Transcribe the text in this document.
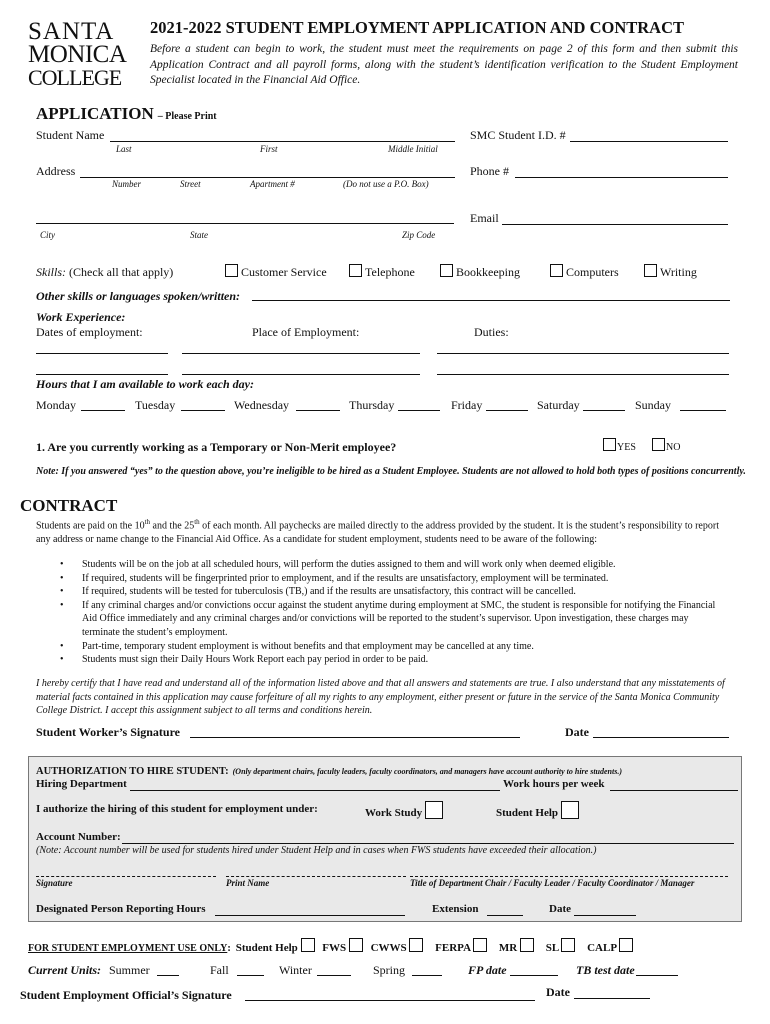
SANTA
MONICA
COLLEGE
2021-2022 STUDENT EMPLOYMENT APPLICATION AND CONTRACT
Before a student can begin to work, the student must meet the requirements on page 2 of this form and then submit this Application Contract and all payroll forms, along with the student’s identification verification to the Student Employment Specialist located in the Financial Aid Office.
APPLICATION – Please Print
Student Name
Last	First	Middle Initial
SMC Student I.D. #
Address
Number	Street	Apartment #	(Do not use a P.O. Box)
Phone #
City	State	Zip Code
Email
Skills: (Check all that apply)	Customer Service	Telephone	Bookkeeping	Computers	Writing
Other skills or languages spoken/written:
Work Experience:
Dates of employment:	Place of Employment:	Duties:
Hours that I am available to work each day:
Monday	Tuesday	Wednesday	Thursday	Friday	Saturday	Sunday
1. Are you currently working as a Temporary or Non-Merit employee?	YES	NO
Note: If you answered “yes” to the question above, you’re ineligible to be hired as a Student Employee. Students are not allowed to hold both types of positions concurrently.
CONTRACT
Students are paid on the 10th and the 25th of each month. All paychecks are mailed directly to the address provided by the student. It is the student’s responsibility to report any address or name change to the Financial Aid Office. As a candidate for student employment, students need to be aware of the following:
• Students will be on the job at all scheduled hours, will perform the duties assigned to them and will work only when deemed eligible.
• If required, students will be fingerprinted prior to employment, and if the results are unsatisfactory, employment will be terminated.
• If required, students will be tested for tuberculosis (TB,) and if the results are unsatisfactory, this contract will be cancelled.
• If any criminal charges and/or convictions occur against the student anytime during employment at SMC, the student is responsible for notifying the Financial Aid Office immediately and any criminal charges and/or convictions will be reported to the student’s supervisor. Upon investigation, these charges may terminate the student’s employment.
• Part-time, temporary student employment is without benefits and that employment may be cancelled at any time.
• Students must sign their Daily Hours Work Report each pay period in order to be paid.
I hereby certify that I have read and understand all of the information listed above and that all answers and statements are true. I also understand that any misstatements of material facts contained in this application may cause forfeiture of all my rights to any employment, either present or future in the service of the Santa Monica Community College District. I accept this assignment subject to all terms and conditions herein.
Student Worker’s Signature	Date
AUTHORIZATION TO HIRE STUDENT: (Only department chairs, faculty leaders, faculty coordinators, and managers have account authority to hire students.)
Hiring Department	Work hours per week
I authorize the hiring of this student for employment under:	Work Study	Student Help
Account Number:
(Note: Account number will be used for students hired under Student Help and in cases when FWS students have exceeded their allocation.)
Signature	Print Name	Title of Department Chair / Faculty Leader / Faculty Coordinator / Manager
Designated Person Reporting Hours	Extension	Date
FOR STUDENT EMPLOYMENT USE ONLY: Student Help FWS CWWS	FERPA	MR	SL	CALP
Current Units: Summer	Fall	Winter	Spring	FP date	TB test date
Student Employment Official’s Signature	Date
